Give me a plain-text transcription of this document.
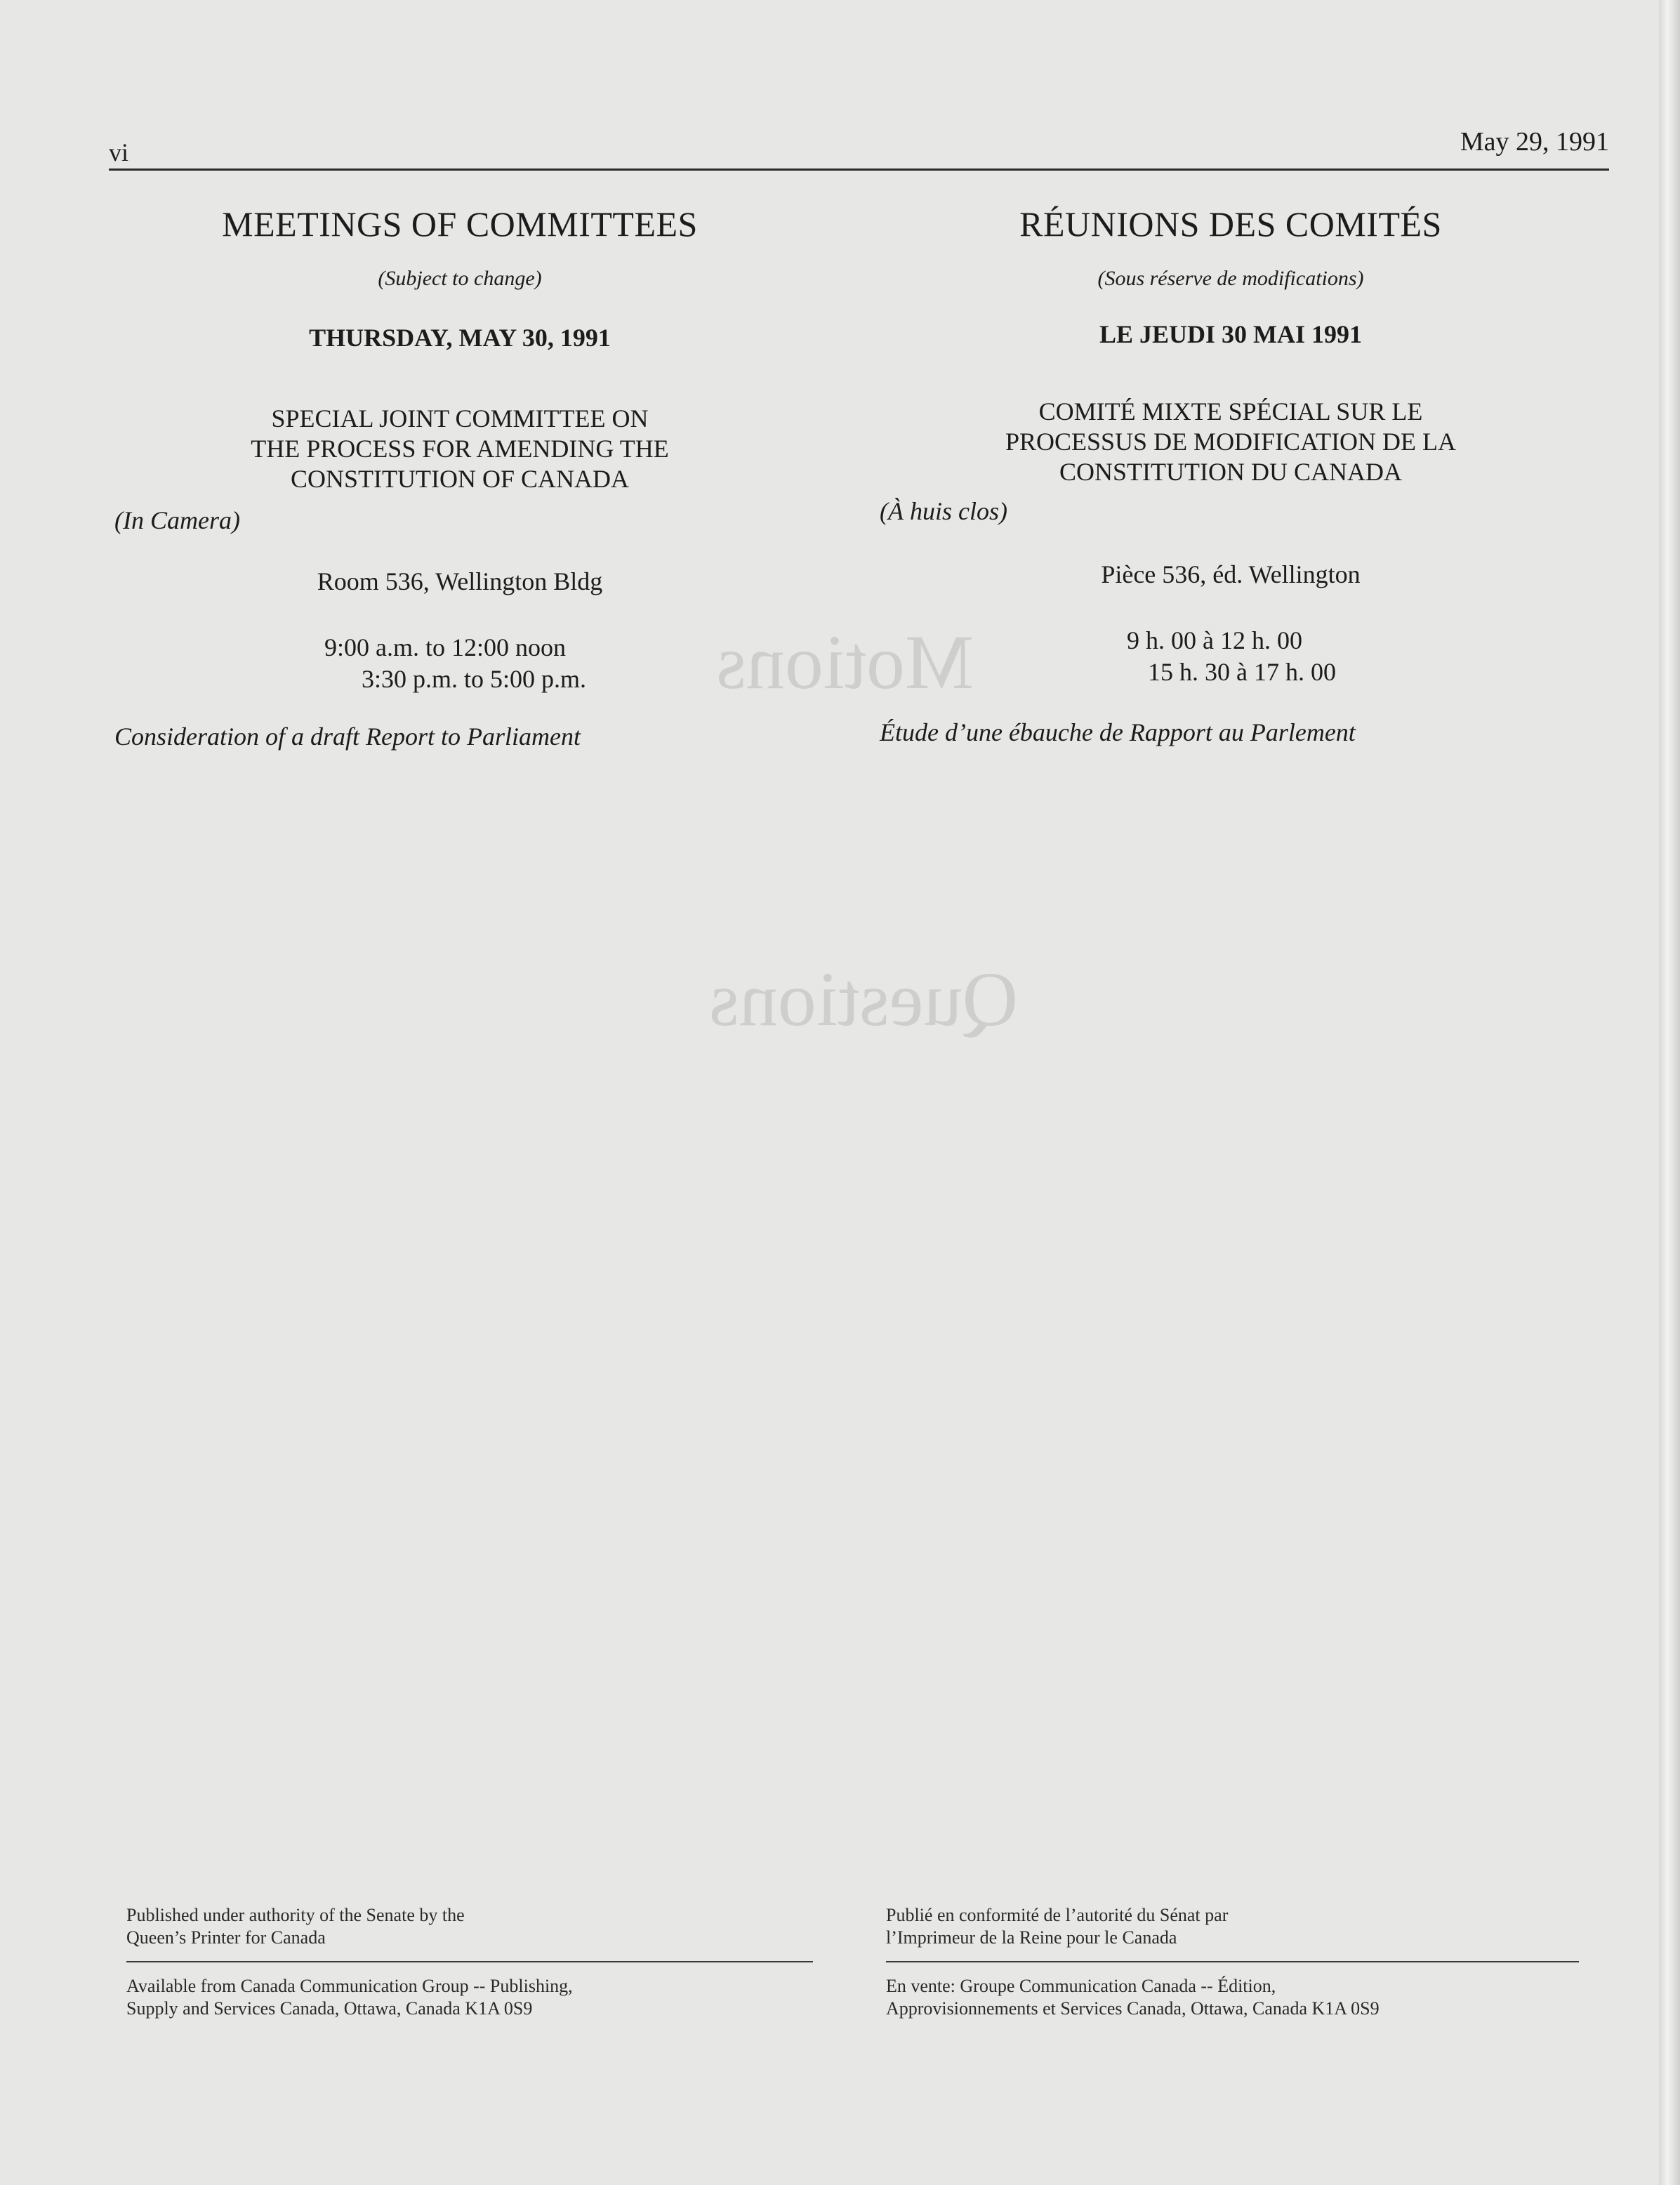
Motions
Questions
vi	May 29, 1991
MEETINGS OF COMMITTEES
(Subject to change)
THURSDAY, MAY 30, 1991
SPECIAL JOINT COMMITTEE ON
THE PROCESS FOR AMENDING THE
CONSTITUTION OF CANADA
(In Camera)
Room 536, Wellington Bldg
9:00 a.m. to 12:00 noon
3:30 p.m. to 5:00 p.m.
Consideration of a draft Report to Parliament
RÉUNIONS DES COMITÉS
(Sous réserve de modifications)
LE JEUDI 30 MAI 1991
COMITÉ MIXTE SPÉCIAL SUR LE
PROCESSUS DE MODIFICATION DE LA
CONSTITUTION DU CANADA
(À huis clos)
Pièce 536, éd. Wellington
9 h. 00 à 12 h. 00
15 h. 30 à 17 h. 00
Étude d’une ébauche de Rapport au Parlement
Published under authority of the Senate by the
Queen’s Printer for Canada
Available from Canada Communication Group -- Publishing,
Supply and Services Canada, Ottawa, Canada K1A 0S9
Publié en conformité de l’autorité du Sénat par
l’Imprimeur de la Reine pour le Canada
En vente: Groupe Communication Canada -- Édition,
Approvisionnements et Services Canada, Ottawa, Canada K1A 0S9
